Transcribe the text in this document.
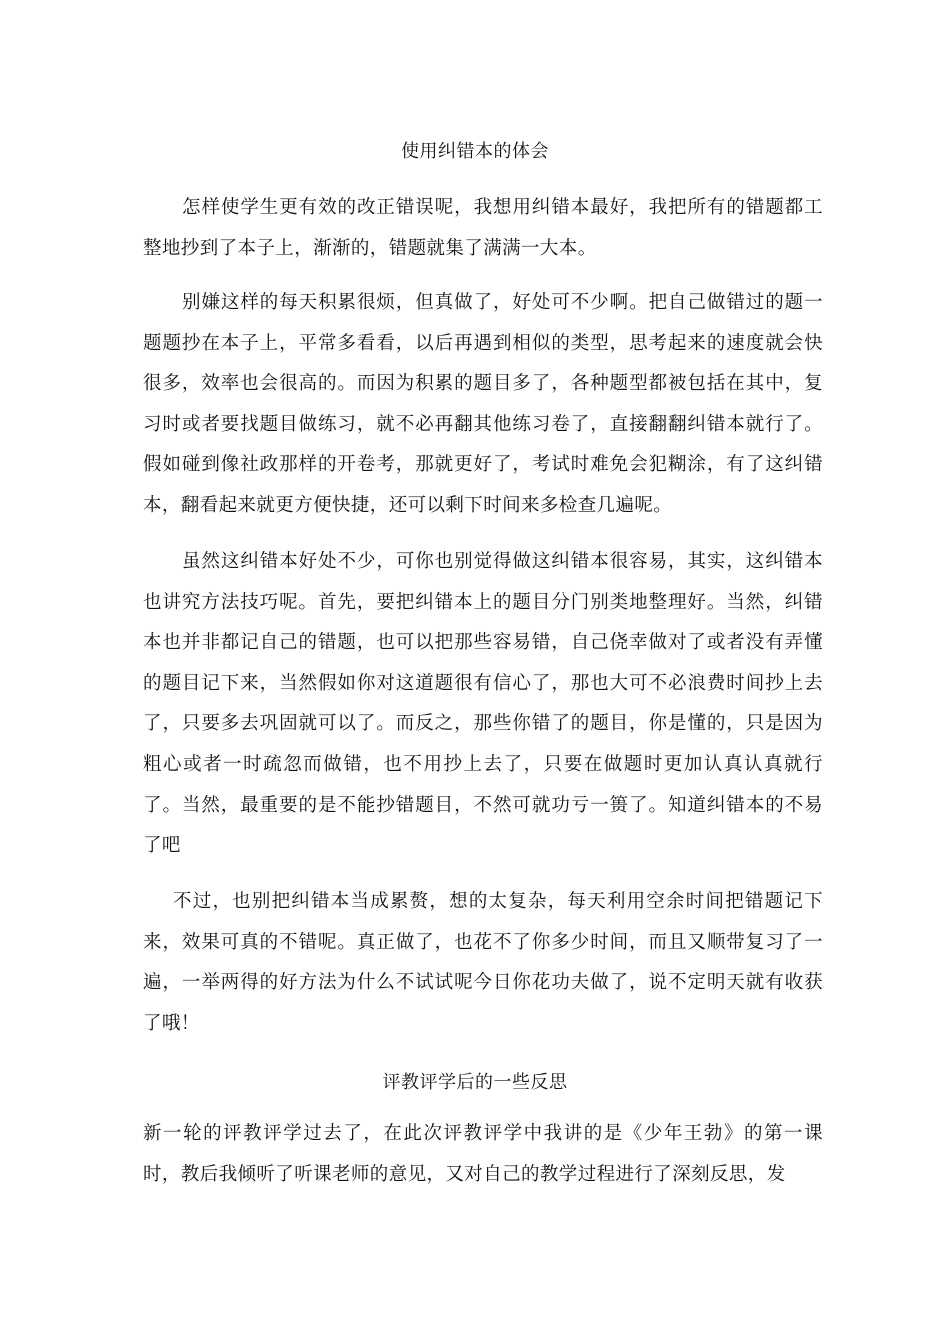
使用纠错本的体会
怎样使学生更有效的改正错误呢，我想用纠错本最好，我把所有的错题都工整地抄到了本子上，渐渐的，错题就集了满满一大本。
别嫌这样的每天积累很烦，但真做了，好处可不少啊。把自己做错过的题一题题抄在本子上，平常多看看，以后再遇到相似的类型，思考起来的速度就会快很多，效率也会很高的。而因为积累的题目多了，各种题型都被包括在其中，复习时或者要找题目做练习，就不必再翻其他练习卷了，直接翻翻纠错本就行了。假如碰到像社政那样的开卷考，那就更好了，考试时难免会犯糊涂，有了这纠错本，翻看起来就更方便快捷，还可以剩下时间来多检查几遍呢。
虽然这纠错本好处不少，可你也别觉得做这纠错本很容易，其实，这纠错本也讲究方法技巧呢。首先，要把纠错本上的题目分门别类地整理好。当然，纠错本也并非都记自己的错题，也可以把那些容易错，自己侥幸做对了或者没有弄懂的题目记下来，当然假如你对这道题很有信心了，那也大可不必浪费时间抄上去了，只要多去巩固就可以了。而反之，那些你错了的题目，你是懂的，只是因为粗心或者一时疏忽而做错，也不用抄上去了，只要在做题时更加认真认真就行了。当然，最重要的是不能抄错题目，不然可就功亏一篑了。知道纠错本的不易了吧
不过，也别把纠错本当成累赘，想的太复杂，每天利用空余时间把错题记下来，效果可真的不错呢。真正做了，也花不了你多少时间，而且又顺带复习了一遍，一举两得的好方法为什么不试试呢今日你花功夫做了，说不定明天就有收获了哦！
评教评学后的一些反思
新一轮的评教评学过去了，在此次评教评学中我讲的是《少年王勃》的第一课时，教后我倾听了听课老师的意见，又对自己的教学过程进行了深刻反思，发
